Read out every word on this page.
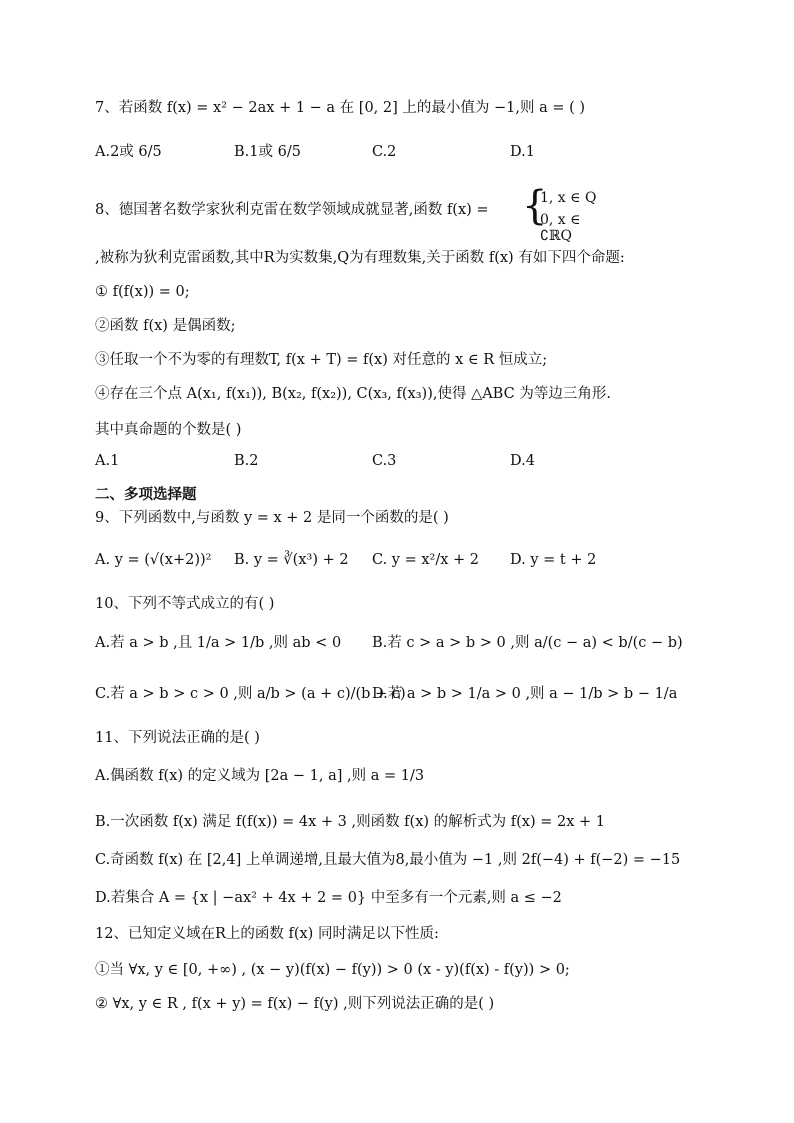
7、若函数 f(x) = x² − 2ax + 1 − a 在 [0, 2] 上的最小值为 −1,则 a = ( )
A.2或 6/5	B.1或 6/5	C.2	D.1
8、德国著名数学家狄利克雷在数学领域成就显著,函数 f(x) = {
1, x ∈ Q
0, x ∈ ∁ℝQ
,被称为狄利克雷函数,其中R为实数集,Q为有理数集,关于函数 f(x) 有如下四个命题:
① f(f(x)) = 0;
②函数 f(x) 是偶函数;
③任取一个不为零的有理数T, f(x + T) = f(x) 对任意的 x ∈ R 恒成立;
④存在三个点 A(x₁, f(x₁)), B(x₂, f(x₂)), C(x₃, f(x₃)),使得 △ABC 为等边三角形.
其中真命题的个数是( )
A.1	B.2	C.3	D.4
二、多项选择题
9、下列函数中,与函数 y = x + 2 是同一个函数的是( )
A. y = (√(x+2))² B. y = ∛(x³) + 2 C. y = x²/x + 2 D. y = t + 2
10、下列不等式成立的有( )
A.若 a > b ,且 1/a > 1/b ,则 ab < 0 B.若 c > a > b > 0 ,则 a/(c − a) < b/(c − b)
C.若 a > b > c > 0 ,则 a/b > (a + c)/(b + c)
D.若 a > b > 1/a > 0 ,则 a − 1/b > b − 1/a
11、下列说法正确的是( )
A.偶函数 f(x) 的定义域为 [2a − 1, a] ,则 a = 1/3
B.一次函数 f(x) 满足 f(f(x)) = 4x + 3 ,则函数 f(x) 的解析式为 f(x) = 2x + 1
C.奇函数 f(x) 在 [2,4] 上单调递增,且最大值为8,最小值为 −1 ,则 2f(−4) + f(−2) = −15
D.若集合 A = {x | −ax² + 4x + 2 = 0} 中至多有一个元素,则 a ≤ −2
12、已知定义域在R上的函数 f(x) 同时满足以下性质:
①当 ∀x, y ∈ [0, +∞) , (x − y)(f(x) − f(y)) > 0 (x - y)(f(x) - f(y)) > 0;
② ∀x, y ∈ R , f(x + y) = f(x) − f(y) ,则下列说法正确的是( )
